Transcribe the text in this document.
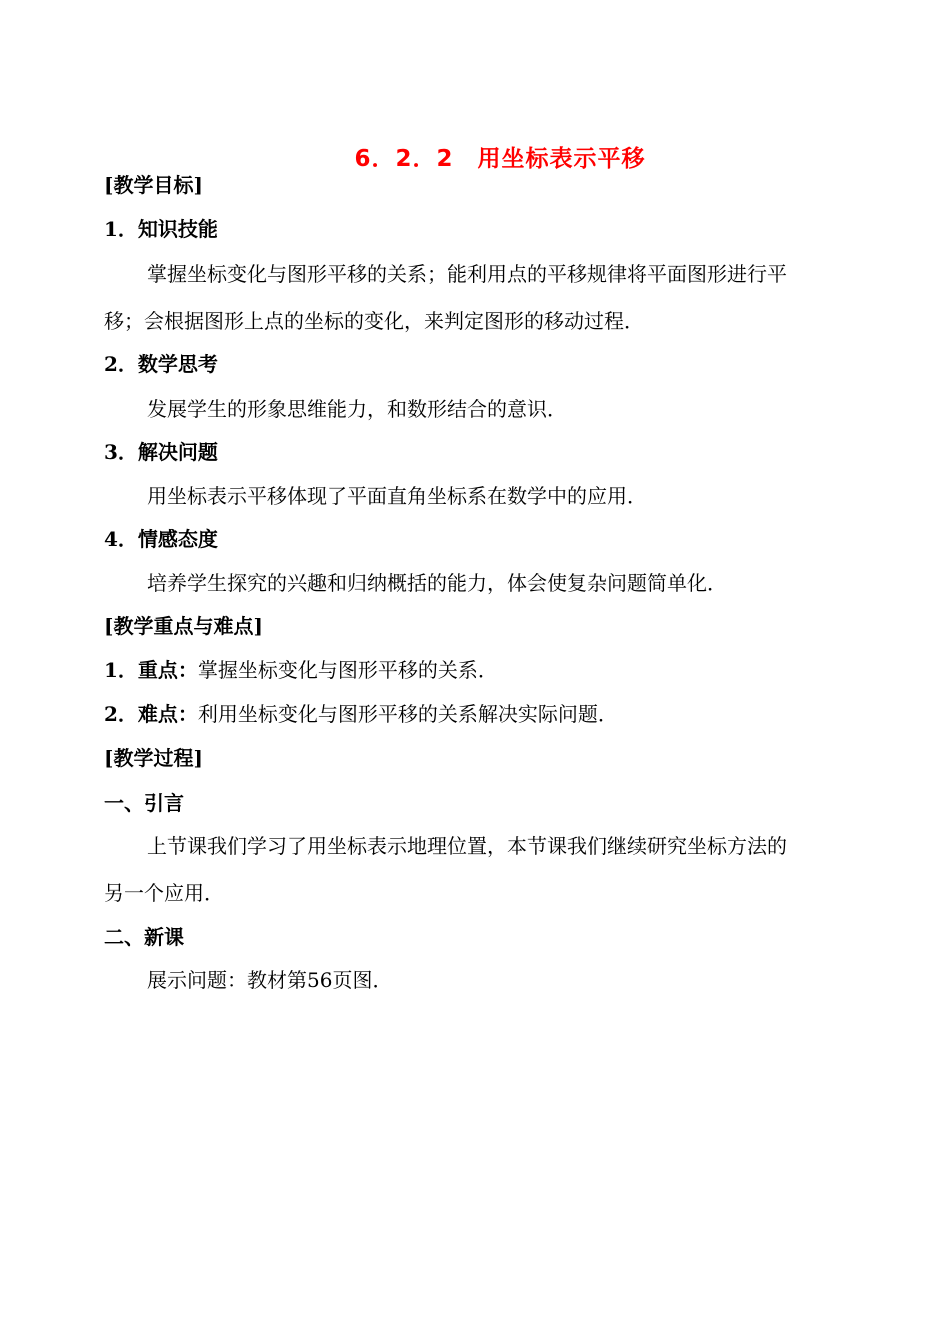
6．2．2　用坐标表示平移
[教学目标]
1．知识技能
掌握坐标变化与图形平移的关系；能利用点的平移规律将平面图形进行平
移；会根据图形上点的坐标的变化，来判定图形的移动过程．
2．数学思考
发展学生的形象思维能力，和数形结合的意识．
3．解决问题
用坐标表示平移体现了平面直角坐标系在数学中的应用．
4．情感态度
培养学生探究的兴趣和归纳概括的能力，体会使复杂问题简单化．
[教学重点与难点]
1．重点：掌握坐标变化与图形平移的关系．
2．难点：利用坐标变化与图形平移的关系解决实际问题．
[教学过程]
一、引言
上节课我们学习了用坐标表示地理位置，本节课我们继续研究坐标方法的
另一个应用．
二、新课
展示问题：教材第56页图．
